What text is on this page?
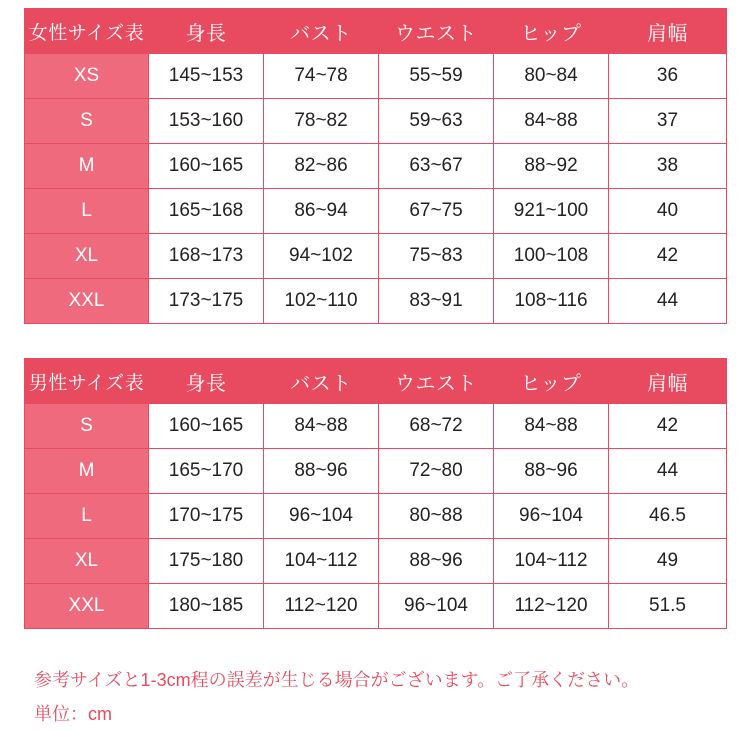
女性サイズ表	身長	バスト	ウエスト	ヒップ	肩幅
XS	145~153	74~78	55~59	80~84	36
S	153~160	78~82	59~63	84~88	37
M	160~165	82~86	63~67	88~92	38
L	165~168	86~94	67~75	921~100	40
XL	168~173	94~102	75~83	100~108	42
XXL	173~175	102~110	83~91	108~116	44
男性サイズ表	身長	バスト	ウエスト	ヒップ	肩幅
S	160~165	84~88	68~72	84~88	42
M	165~170	88~96	72~80	88~96	44
L	170~175	96~104	80~88	96~104	46.5
XL	175~180	104~112	88~96	104~112	49
XXL	180~185	112~120	96~104	112~120	51.5
参考サイズと1-3cm程の誤差が生じる場合がございます。ご了承ください。
単位：cm
